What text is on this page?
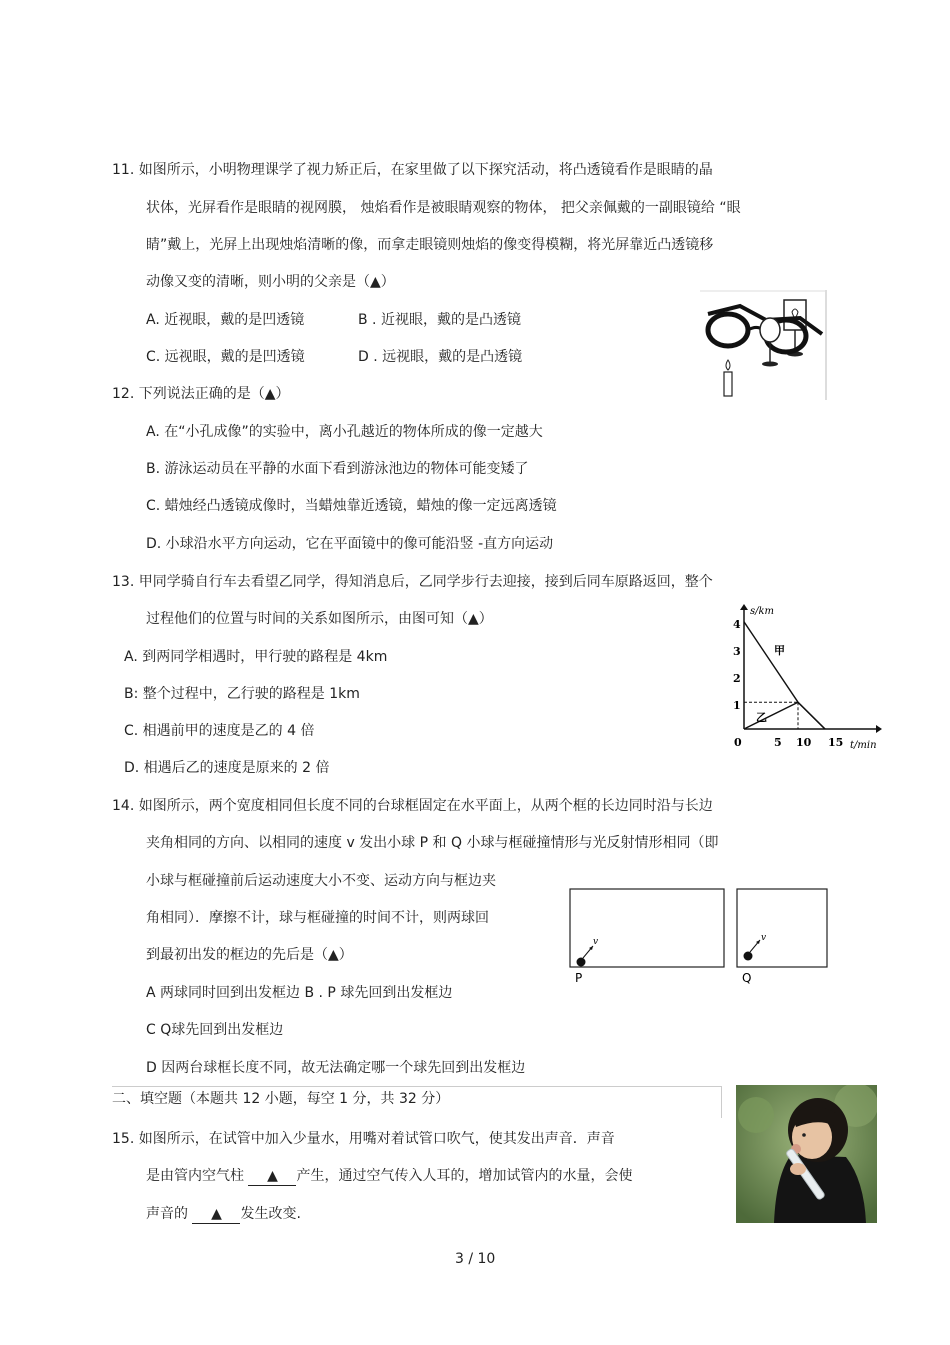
11. 如图所示，小明物理课学了视力矫正后，在家里做了以下探究活动，将凸透镜看作是眼睛的晶
状体，光屏看作是眼睛的视网膜， 烛焰看作是被眼睛观察的物体， 把父亲佩戴的一副眼镜给 “眼
睛”戴上，光屏上出现烛焰清晰的像，而拿走眼镜则烛焰的像变得模糊，将光屏靠近凸透镜移
动像又变的清晰，则小明的父亲是（▲）
A. 近视眼，戴的是凹透镜	B . 近视眼，戴的是凸透镜
C. 远视眼，戴的是凹透镜	D . 远视眼，戴的是凸透镜
12. 下列说法正确的是（▲）
A. 在“小孔成像”的实验中，离小孔越近的物体所成的像一定越大
B. 游泳运动员在平静的水面下看到游泳池边的物体可能变矮了
C. 蜡烛经凸透镜成像时，当蜡烛靠近透镜，蜡烛的像一定远离透镜
D. 小球沿水平方向运动，它在平面镜中的像可能沿竖 -直方向运动
13. 甲同学骑自行车去看望乙同学，得知消息后，乙同学步行去迎接，接到后同车原路返回，整个
过程他们的位置与时间的关系如图所示，由图可知（▲）
A. 到两同学相遇时，甲行驶的路程是 4km
B: 整个过程中，乙行驶的路程是 1km
C. 相遇前甲的速度是乙的 4 倍
D. 相遇后乙的速度是原来的 2 倍
s/km
t/min
0	5 10 15
1
2
3
4
甲
乙
14. 如图所示，两个宽度相同但长度不同的台球框固定在水平面上，从两个框的长边同时沿与长边
夹角相同的方向、以相同的速度 v 发出小球 P 和 Q 小球与框碰撞情形与光反射情形相同（即
小球与框碰撞前后运动速度大小不变、运动方向与框边夹
角相同）．摩擦不计，球与框碰撞的时间不计，则两球回
到最初出发的框边的先后是（▲）
A 两球同时回到出发框边 B . P 球先回到出发框边
C Q球先回到出发框边
D 因两台球框长度不同，故无法确定哪一个球先回到出发框边
v
P
v
Q
二、填空题（本题共 12 小题，每空 1 分，共 32 分）
15. 如图所示，在试管中加入少量水，用嘴对着试管口吹气，使其发出声音．声音
是由管内空气柱 ▲ 产生，通过空气传入人耳的，增加试管内的水量，会使
声音的 ▲ 发生改变.
3 / 10
